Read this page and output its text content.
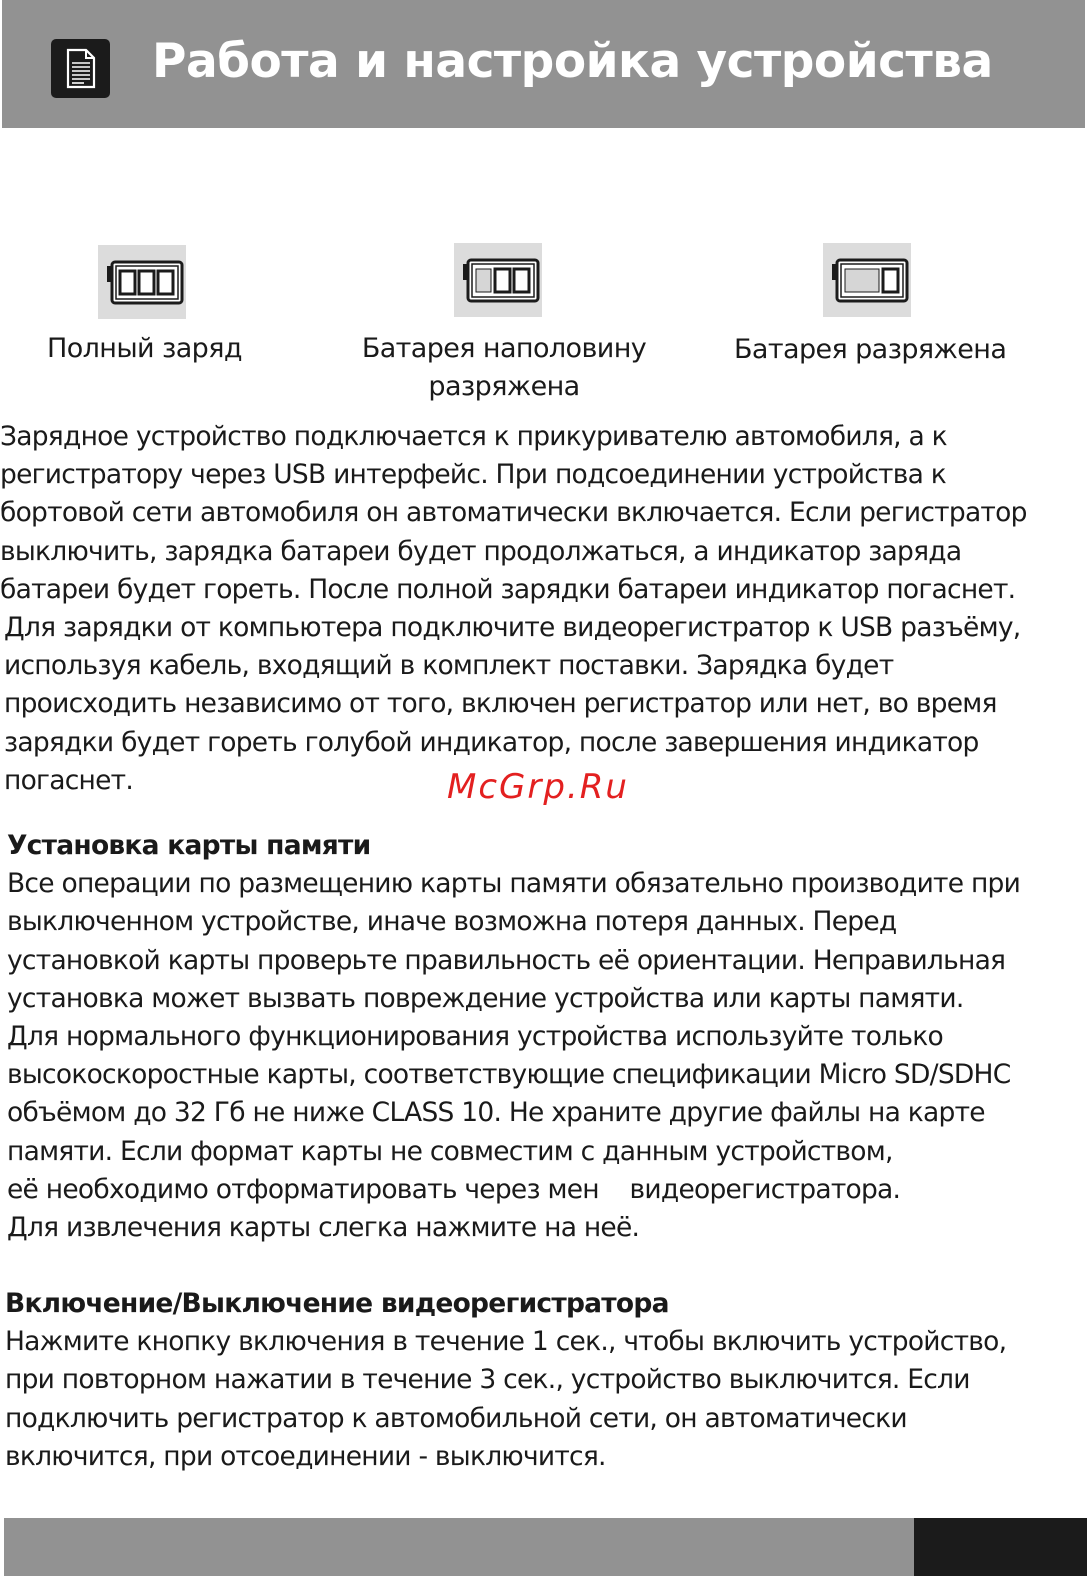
Работа и настройка устройства
Полный заряд	Батарея наполовину
разряжена
Батарея разряжена
Зарядное устройство подключается к прикуривателю автомобиля, а к
регистратору через USB интерфейс. При подсоединении устройства к
бортовой сети автомобиля он автоматически включается. Если регистратор
выключить, зарядка батареи будет продолжаться, а индикатор заряда
батареи будет гореть. После полной зарядки батареи индикатор погаснет.
Для зарядки от компьютера подключите видеорегистратор к USB разъёму,
используя кабель, входящий в комплект поставки. Зарядка будет
происходить независимо от того, включен регистратор или нет, во время
зарядки будет гореть голубой индикатор, после завершения индикатор
погаснет.	McGrp.Ru
Установка карты памяти
Все операции по размещению карты памяти обязательно производите при
выключенном устройстве, иначе возможна потеря данных. Перед
установкой карты проверьте правильность её ориентации. Неправильная
установка может вызвать повреждение устройства или карты памяти.
Для нормального функционирования устройства используйте только
высокоскоростные карты, соответствующие спецификации Micro SD/SDHC
объёмом до 32 Гб не ниже CLASS 10. Не храните другие файлы на карте
памяти. Если формат карты не совместим с данным устройством,
её необходимо отформатировать через мен    видеорегистратора.
Для извлечения карты слегка нажмите на неё.
Включение/Выключение видеорегистратора
Нажмите кнопку включения в течение 1 сек., чтобы включить устройство,
при повторном нажатии в течение 3 сек., устройство выключится. Если
подключить регистратор к автомобильной сети, он автоматически
включится, при отсоединении - выключится.
